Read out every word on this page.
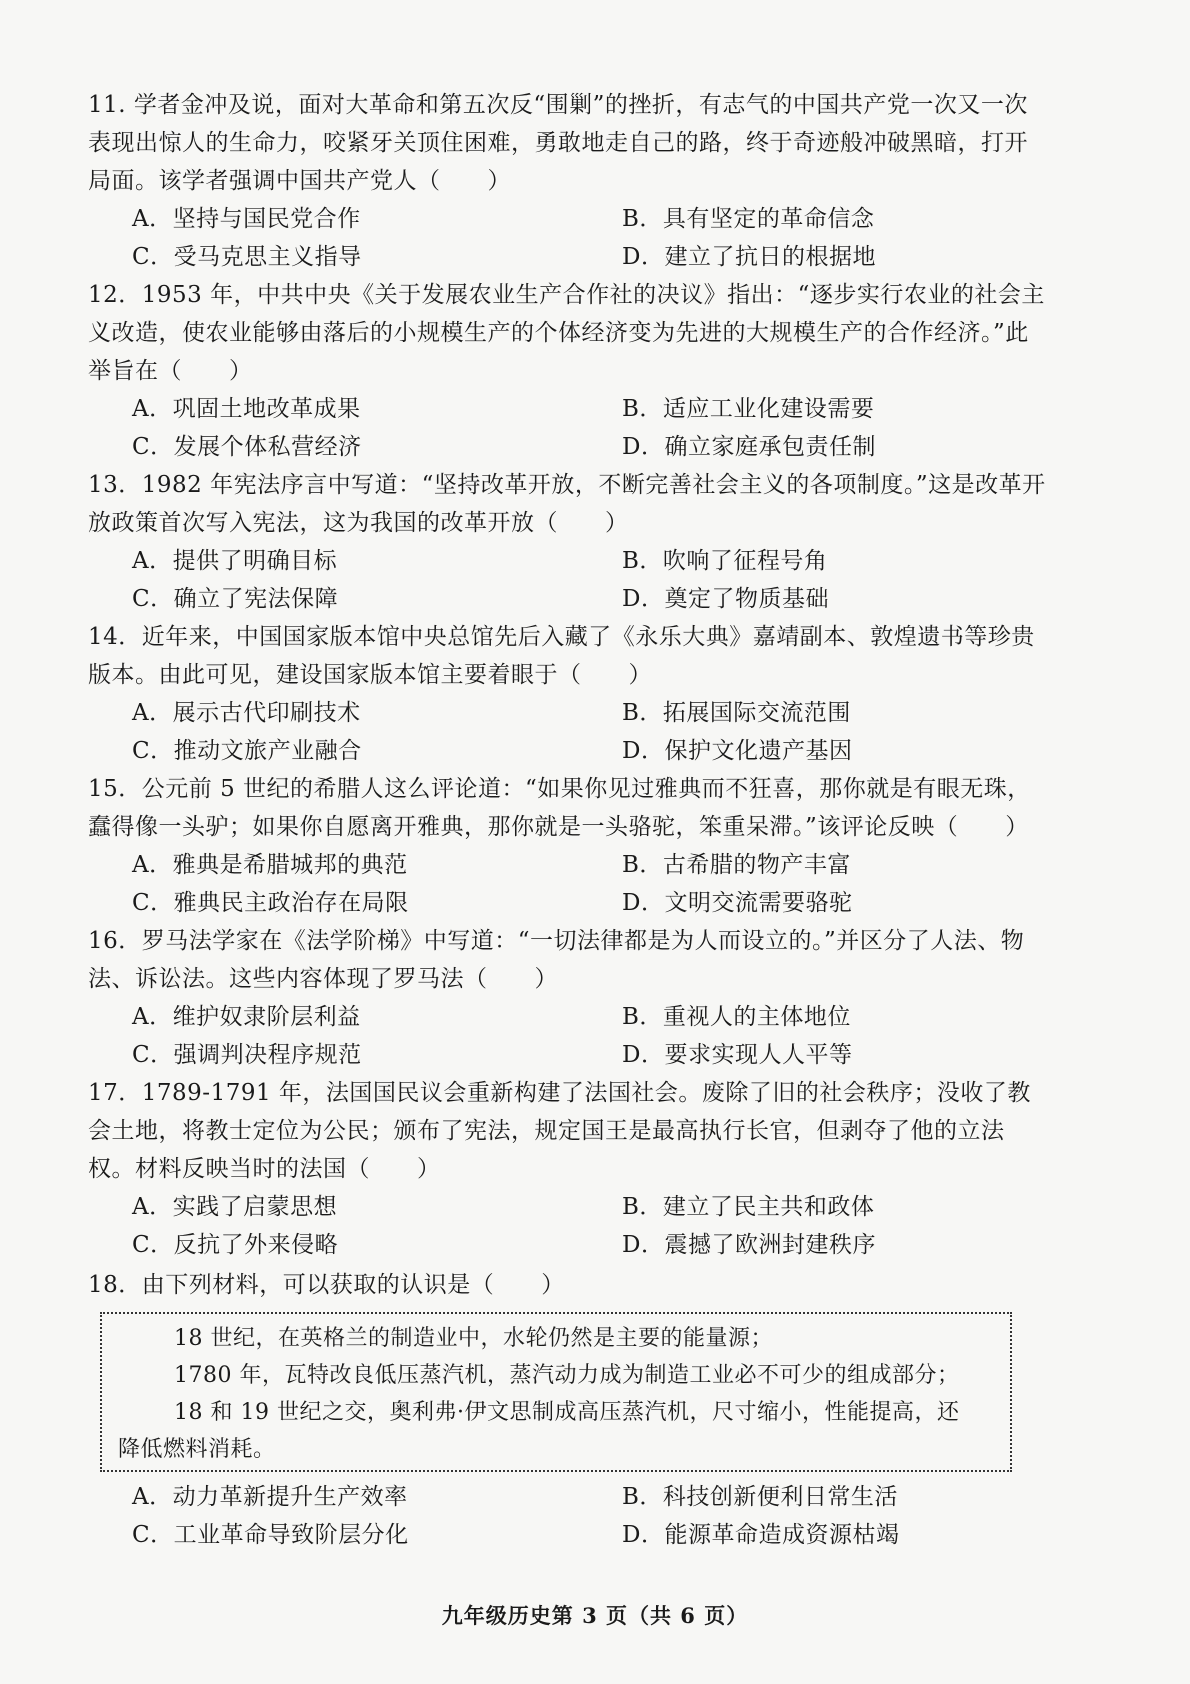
11. 学者金冲及说，面对大革命和第五次反“围剿”的挫折，有志气的中国共产党一次又一次表现出惊人的生命力，咬紧牙关顶住困难，勇敢地走自己的路，终于奇迹般冲破黑暗，打开局面。该学者强调中国共产党人（　　）
A．坚持与国民党合作	B．具有坚定的革命信念
C．受马克思主义指导	D．建立了抗日的根据地
12．1953 年，中共中央《关于发展农业生产合作社的决议》指出：“逐步实行农业的社会主义改造，使农业能够由落后的小规模生产的个体经济变为先进的大规模生产的合作经济。”此举旨在（　　）
A．巩固土地改革成果	B．适应工业化建设需要
C．发展个体私营经济	D．确立家庭承包责任制
13．1982 年宪法序言中写道：“坚持改革开放，不断完善社会主义的各项制度。”这是改革开放政策首次写入宪法，这为我国的改革开放（　　）
A．提供了明确目标	B．吹响了征程号角
C．确立了宪法保障	D．奠定了物质基础
14．近年来，中国国家版本馆中央总馆先后入藏了《永乐大典》嘉靖副本、敦煌遗书等珍贵版本。由此可见，建设国家版本馆主要着眼于（　　）
A．展示古代印刷技术	B．拓展国际交流范围
C．推动文旅产业融合	D．保护文化遗产基因
15．公元前 5 世纪的希腊人这么评论道：“如果你见过雅典而不狂喜，那你就是有眼无珠，蠢得像一头驴；如果你自愿离开雅典，那你就是一头骆驼，笨重呆滞。”该评论反映（　　）
A．雅典是希腊城邦的典范	B．古希腊的物产丰富
C．雅典民主政治存在局限	D．文明交流需要骆驼
16．罗马法学家在《法学阶梯》中写道：“一切法律都是为人而设立的。”并区分了人法、物法、诉讼法。这些内容体现了罗马法（　　）
A．维护奴隶阶层利益	B．重视人的主体地位
C．强调判决程序规范	D．要求实现人人平等
17．1789-1791 年，法国国民议会重新构建了法国社会。废除了旧的社会秩序；没收了教会土地，将教士定位为公民；颁布了宪法，规定国王是最高执行长官，但剥夺了他的立法权。材料反映当时的法国（　　）
A．实践了启蒙思想	B．建立了民主共和政体
C．反抗了外来侵略	D．震撼了欧洲封建秩序
18．由下列材料，可以获取的认识是（　　）

18 世纪，在英格兰的制造业中，水轮仍然是主要的能量源；

1780 年，瓦特改良低压蒸汽机，蒸汽动力成为制造工业必不可少的组成部分；

18 和 19 世纪之交，奥利弗·伊文思制成高压蒸汽机，尺寸缩小，性能提高，还

降低燃料消耗。

A．动力革新提升生产效率	B．科技创新便利日常生活
C．工业革命导致阶层分化	D．能源革命造成资源枯竭
九年级历史第 3 页（共 6 页）
